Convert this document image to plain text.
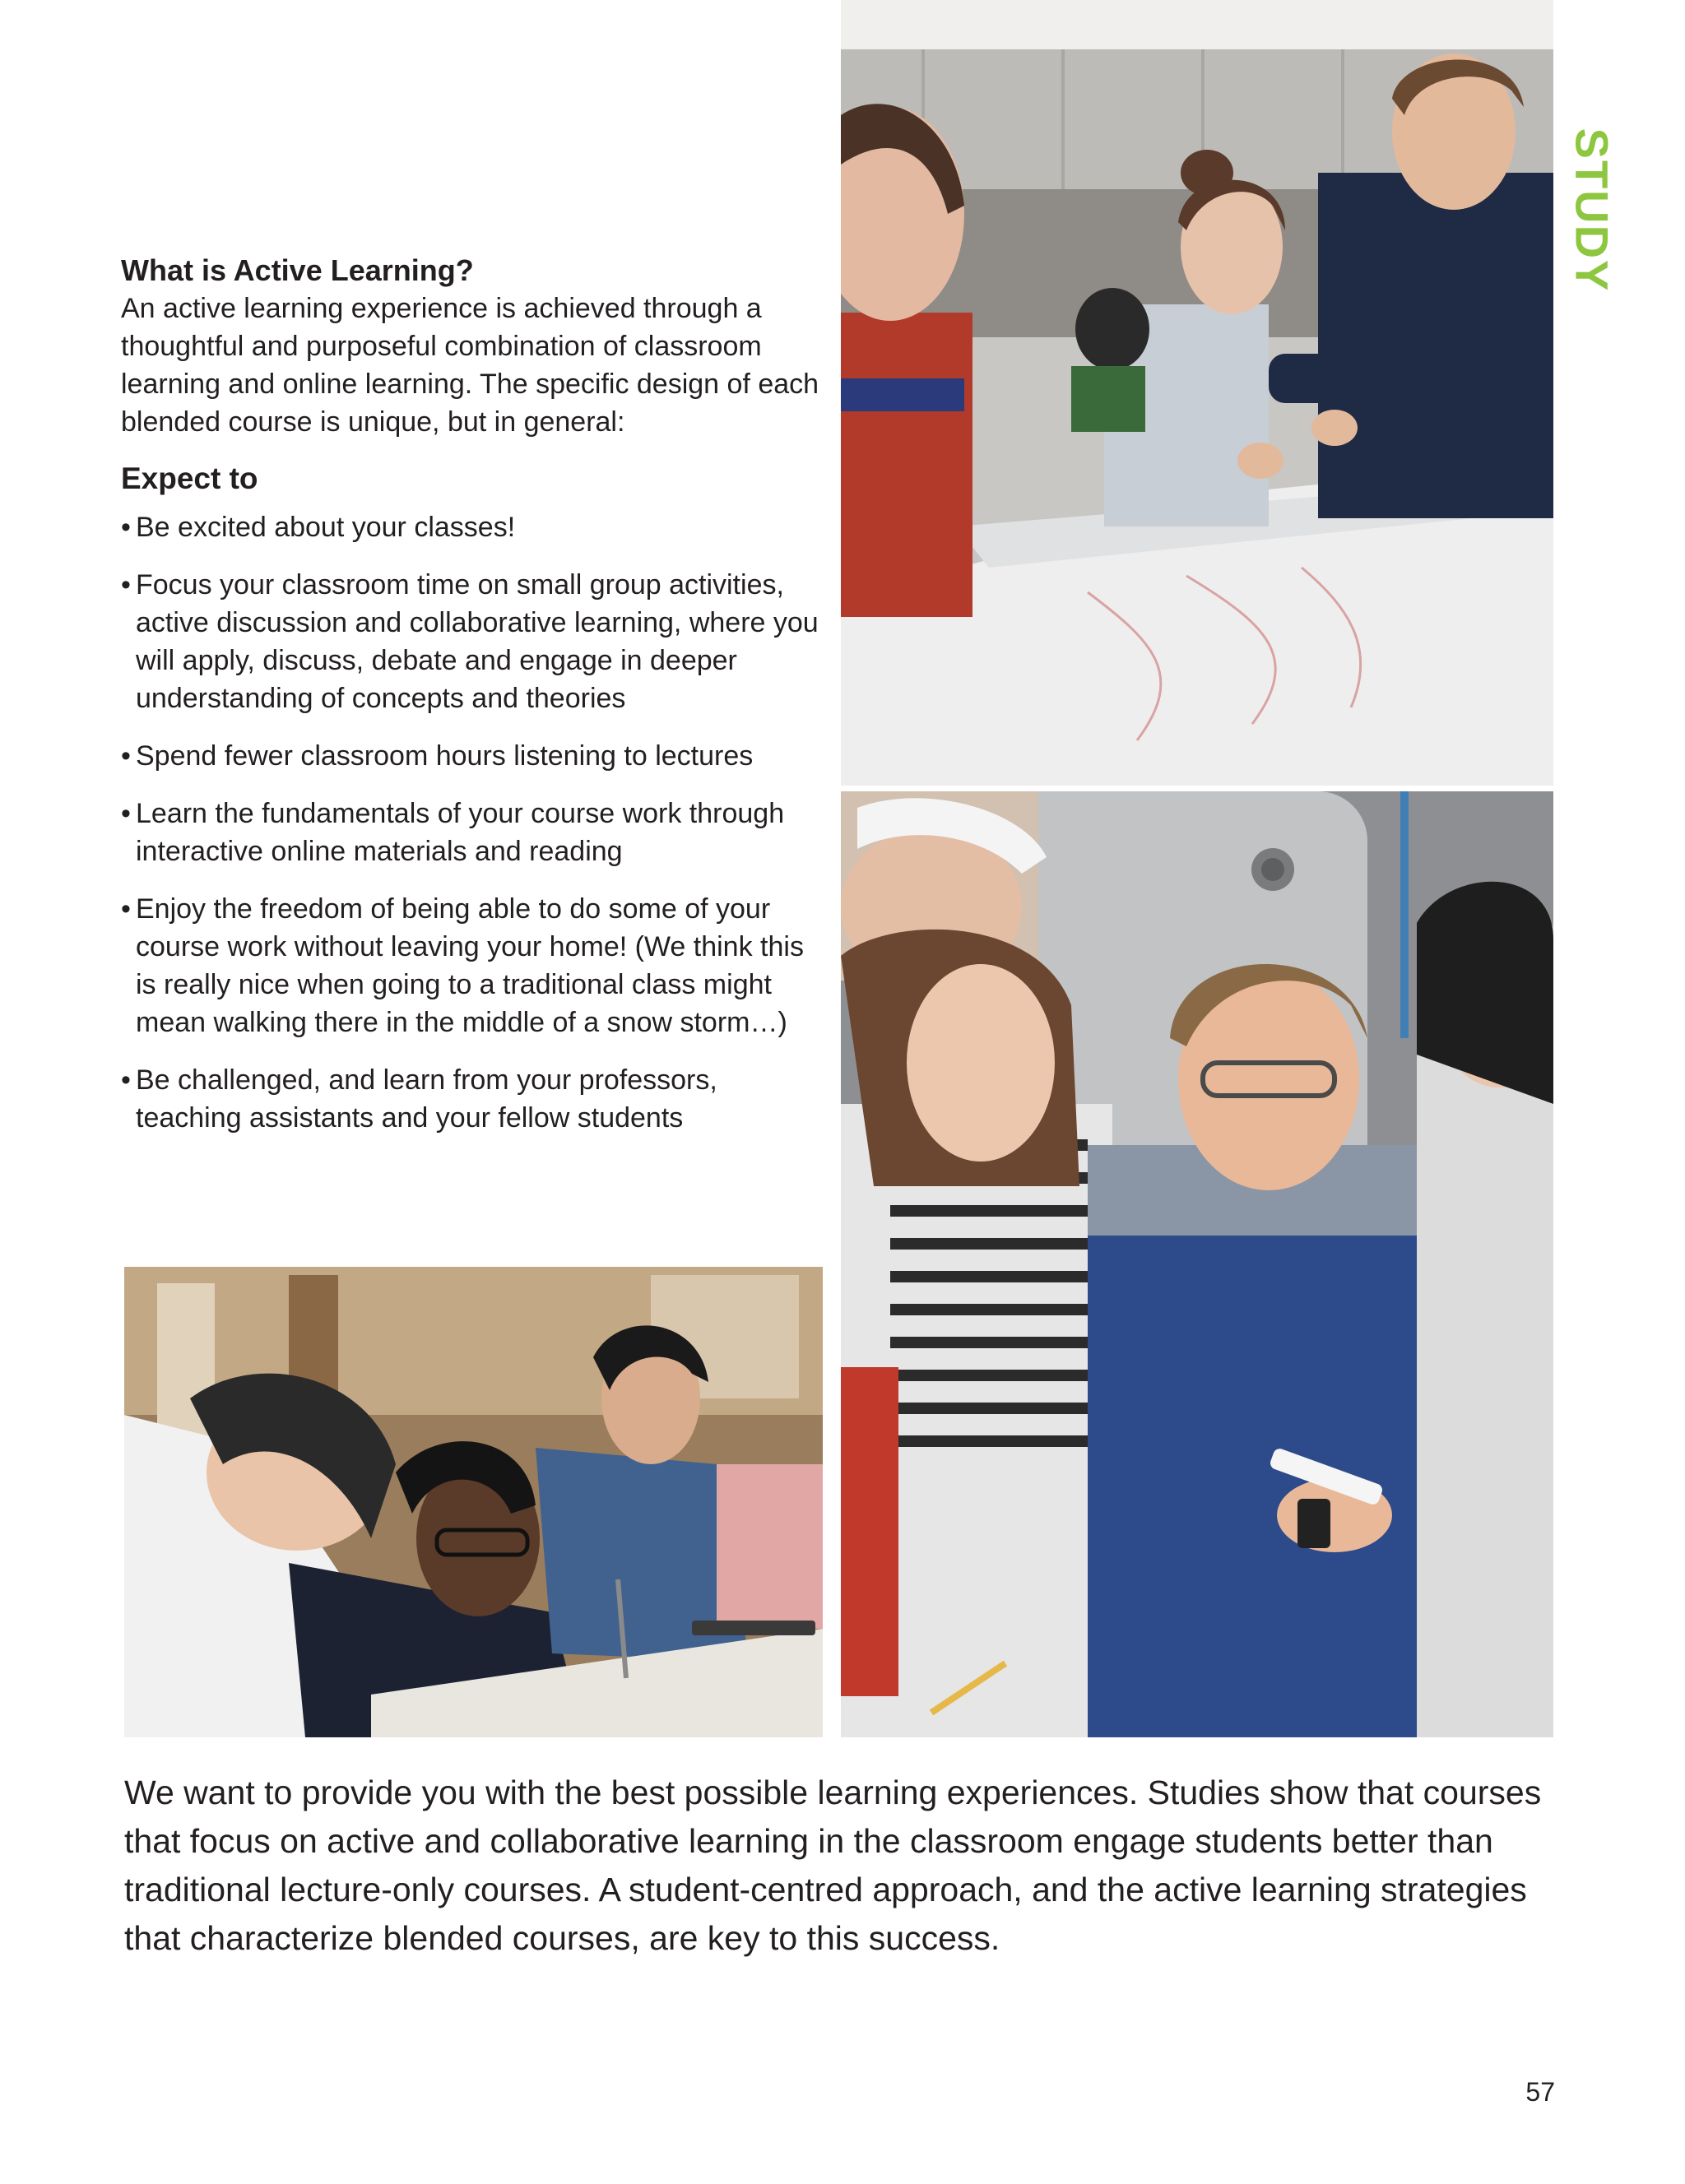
What is Active Learning?

An active learning experience is achieved through a thoughtful and purposeful combination of classroom learning and online learning. The specific design of each blended course is unique, but in general:

Expect to
• Be excited about your classes!
• Focus your classroom time on small group activities, active discussion and collaborative learning, where you will apply, discuss, debate and engage in deeper understanding of concepts and theories
• Spend fewer classroom hours listening to lectures
• Learn the fundamentals of your course work through interactive online materials and reading
• Enjoy the freedom of being able to do some of your course work without leaving your home! (We think this is really nice when going to a traditional class might mean walking there in the middle of a snow storm…)
• Be challenged, and learn from your professors, teaching assistants and your fellow students
STUDY

We want to provide you with the best possible learning experiences. Studies show that courses that focus on active and collaborative learning in the classroom engage students better than traditional lecture-only courses. A student-centred approach, and the active learning strategies that characterize blended courses, are key to this success.

57
